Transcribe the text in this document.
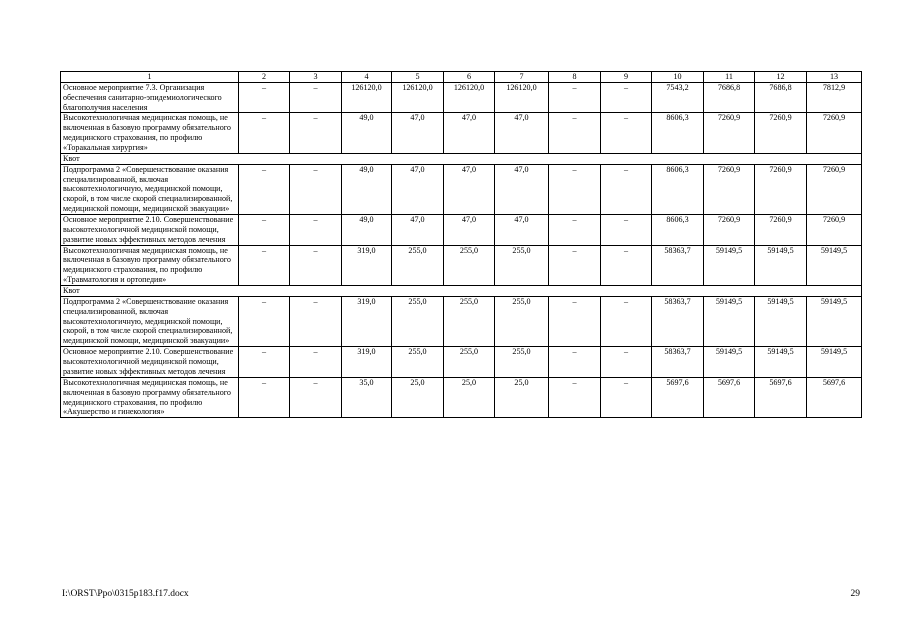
1	2	3	4	5	6	7	8	9	10	11	12	13
Основное мероприятие 7.3. Организация обеспечения санитарно-эпидемиологического благополучия населения	–	–	126120,0	126120,0	126120,0	126120,0	–	–	7543,2	7686,8	7686,8	7812,9
Высокотехнологичная медицинская помощь, не включенная в базовую программу обязательного медицинского страхования, по профилю «Торакальная хирургия»	–	–	49,0	47,0	47,0	47,0	–	–	8606,3	7260,9	7260,9	7260,9
Квот												
Подпрограмма 2 «Совершенствование оказания специализированной, включая высокотехнологичную, медицинской помощи, скорой, в том числе скорой специализированной, медицинской помощи, медицинской эвакуации»	–	–	49,0	47,0	47,0	47,0	–	–	8606,3	7260,9	7260,9	7260,9
Основное мероприятие 2.10. Совершенствование высокотехнологичной медицинской помощи, развитие новых эффективных методов лечения	–	–	49,0	47,0	47,0	47,0	–	–	8606,3	7260,9	7260,9	7260,9
Высокотехнологичная медицинская помощь, не включенная в базовую программу обязательного медицинского страхования, по профилю «Травматология и ортопедия»	–	–	319,0	255,0	255,0	255,0	–	–	58363,7	59149,5	59149,5	59149,5
Квот												
Подпрограмма 2 «Совершенствование оказания специализированной, включая высокотехнологичную, медицинской помощи, скорой, в том числе скорой специализированной, медицинской помощи, медицинской эвакуации»	–	–	319,0	255,0	255,0	255,0	–	–	58363,7	59149,5	59149,5	59149,5
Основное мероприятие 2.10. Совершенствование высокотехнологичной медицинской помощи, развитие новых эффективных методов лечения	–	–	319,0	255,0	255,0	255,0	–	–	58363,7	59149,5	59149,5	59149,5
Высокотехнологичная медицинская помощь, не включенная в базовую программу обязательного медицинского страхования, по профилю «Акушерство и гинекология»	–	–	35,0	25,0	25,0	25,0	–	–	5697,6	5697,6	5697,6	5697,6
I:\ORST\Ppo\0315p183.f17.docx	29
